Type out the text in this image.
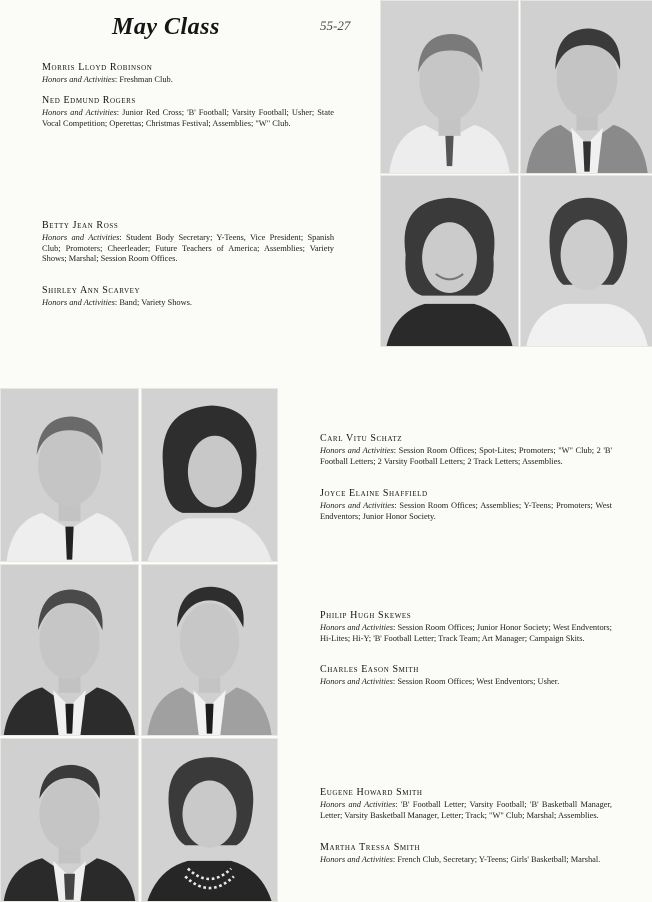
May Class	55-27

Morris Lloyd Robinson

Honors and Activities: Freshman Club.

Ned Edmund Rogers

Honors and Activities: Junior Red Cross; 'B' Football; Varsity Football; Usher; State Vocal Competition; Operettas; Christmas Festival; Assemblies; "W" Club.

Betty Jean Ross

Honors and Activities: Student Body Secretary; Y-Teens, Vice President; Spanish Club; Promoters; Cheerleader; Future Teachers of America; Assemblies; Variety Shows; Marshal; Session Room Offices.

Shirley Ann Scarvey

Honors and Activities: Band; Variety Shows.

Carl Vitu Schatz

Honors and Activities: Session Room Offices; Spot-Lites; Promoters; "W" Club; 2 'B' Football Letters; 2 Varsity Football Letters; 2 Track Letters; Assemblies.

Joyce Elaine Shaffield

Honors and Activities: Session Room Offices; Assemblies; Y-Teens; Promoters; West Endventors; Junior Honor Society.

Philip Hugh Skewes

Honors and Activities: Session Room Offices; Junior Honor Society; West Endventors; Hi-Lites; Hi-Y; 'B' Football Letter; Track Team; Art Manager; Campaign Skits.

Charles Eason Smith

Honors and Activities: Session Room Offices; West Endventors; Usher.

Eugene Howard Smith

Honors and Activities: 'B' Football Letter; Varsity Football; 'B' Basketball Manager, Letter; Varsity Basketball Manager, Letter; Track; "W" Club; Marshal; Assemblies.

Martha Tressa Smith

Honors and Activities: French Club, Secretary; Y-Teens; Girls' Basketball; Marshal.
